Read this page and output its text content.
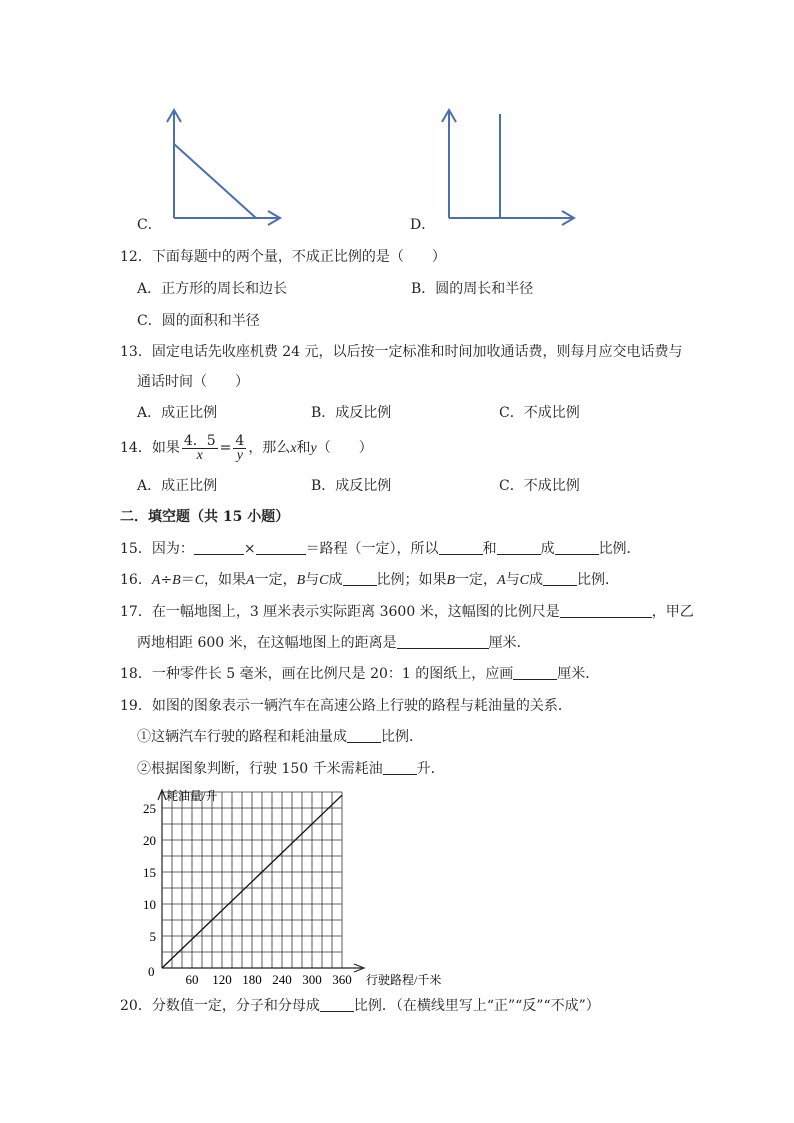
C．	D．
12．下面每题中的两个量，不成正比例的是（　　）
A．正方形的周长和边长	B．圆的周长和半径
C．圆的面积和半径
13．固定电话先收座机费 24 元，以后按一定标准和时间加收通话费，则每月应交电话费与
通话时间（　　）
A．成正比例	B．成反比例	C．不成比例
14．如果 $\frac{4.5}{x} = \frac{4}{y}$ ，那么x和y（　　）
A．成正比例	B．成反比例	C．不成比例
二．填空题（共 15 小题）
15．因为：	×	＝路程（一定），所以	和	成	比例．
16．A÷B＝C，如果A一定，B与C成 比例；如果B一定，A与C成 比例．
17．在一幅地图上，3 厘米表示实际距离 3600 米，这幅图的比例尺是	，甲乙
两地相距 600 米，在这幅地图上的距离是	厘米．
18．一种零件长 5 毫米，画在比例尺是 20：1 的图纸上，应画	厘米．
19．如图的图象表示一辆汽车在高速公路上行驶的路程与耗油量的关系．
①这辆汽车行驶的路程和耗油量成 比例．
②根据图象判断，行驶 150 千米需耗油 升．
60 120 180 240 300 360
5
10
15
20
25
耗油量/升
行驶路程/千米
0
20．分数值一定，分子和分母成 比例．（在横线里写上“正”“反”“不成”）
